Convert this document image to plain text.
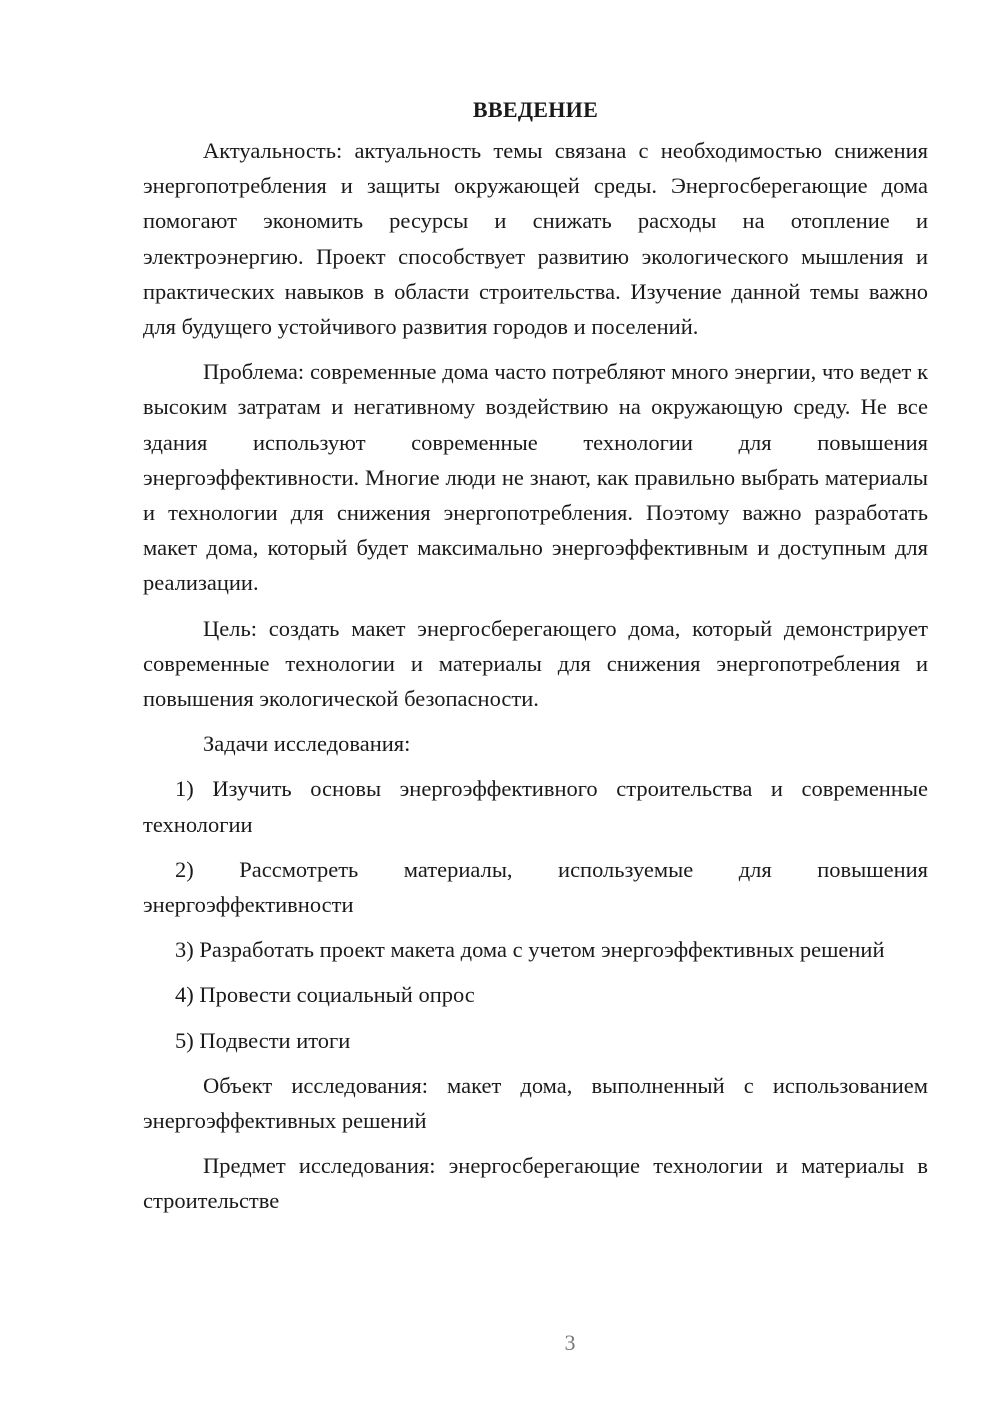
ВВЕДЕНИЕ

Актуальность: актуальность темы связана с необходимостью снижения энергопотребления и защиты окружающей среды. Энергосберегающие дома помогают экономить ресурсы и снижать расходы на отопление и электроэнергию. Проект способствует развитию экологического мышления и практических навыков в области строительства. Изучение данной темы важно для будущего устойчивого развития городов и поселений.

Проблема: современные дома часто потребляют много энергии, что ведет к высоким затратам и негативному воздействию на окружающую среду. Не все здания используют современные технологии для повышения энергоэффективности. Многие люди не знают, как правильно выбрать материалы и технологии для снижения энергопотребления. Поэтому важно разработать макет дома, который будет максимально энергоэффективным и доступным для реализации.

Цель: создать макет энергосберегающего дома, который демонстрирует современные технологии и материалы для снижения энергопотребления и повышения экологической безопасности.

Задачи исследования:

1) Изучить основы энергоэффективного строительства и современные технологии

2) Рассмотреть материалы, используемые для повышения энергоэффективности

3) Разработать проект макета дома с учетом энергоэффективных решений

4) Провести социальный опрос

5) Подвести итоги

Объект исследования: макет дома, выполненный с использованием энергоэффективных решений

Предмет исследования: энергосберегающие технологии и материалы в строительстве

3
